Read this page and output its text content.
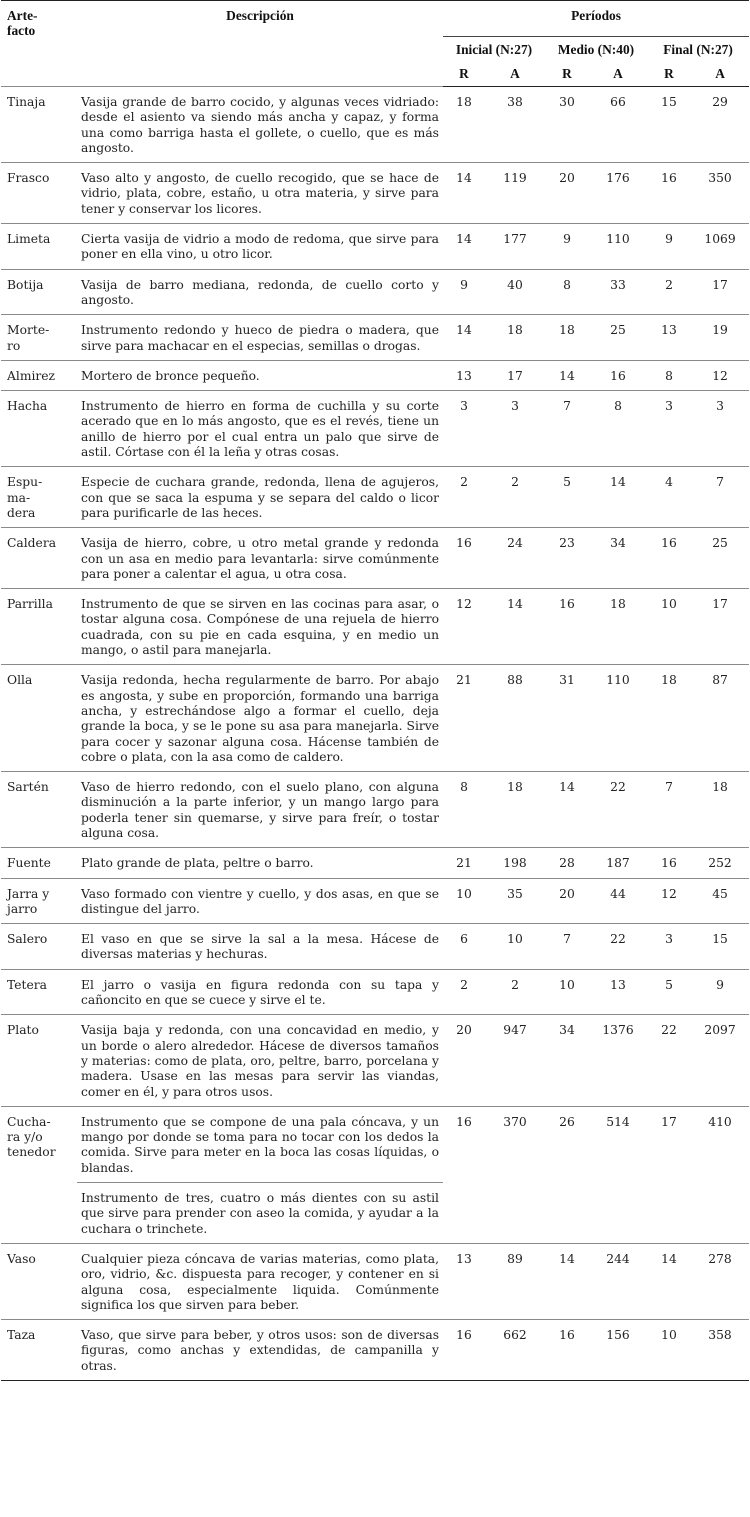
Arte-
facto	Descripción	Períodos					
		Inicial (N:27)		Medio (N:40)		Final (N:27)	
		R	A	R	A	R	A
Tinaja	Vasija grande de barro cocido, y algunas veces vidriado: desde el asiento va siendo más ancha y capaz, y forma una como barriga hasta el gollete, o cuello, que es más angosto.	18	38	30	66	15	29
Frasco	Vaso alto y angosto, de cuello recogido, que se hace de vidrio, plata, cobre, estaño, u otra materia, y sirve para tener y conservar los licores.	14	119	20	176	16	350
Limeta	Cierta vasija de vidrio a modo de redoma, que sirve para poner en ella vino, u otro licor.	14	177	9	110	9	1069
Botija	Vasija de barro mediana, redonda, de cuello corto y angosto.	9	40	8	33	2	17
Morte-
ro	Instrumento redondo y hueco de piedra o madera, que sirve para machacar en el especias, semillas o drogas.	14	18	18	25	13	19
Almirez	Mortero de bronce pequeño.	13	17	14	16	8	12
Hacha	Instrumento de hierro en forma de cuchilla y su corte acerado que en lo más angosto, que es el revés, tiene un anillo de hierro por el cual entra un palo que sirve de astil. Córtase con él la leña y otras cosas.	3	3	7	8	3	3
Espu-
ma-
dera	Especie de cuchara grande, redonda, llena de agujeros, con que se saca la espuma y se separa del caldo o licor para purificarle de las heces.	2	2	5	14	4	7
Caldera	Vasija de hierro, cobre, u otro metal grande y redonda con un asa en medio para levantarla: sirve comúnmente para poner a calentar el agua, u otra cosa.	16	24	23	34	16	25
Parrilla	Instrumento de que se sirven en las cocinas para asar, o tostar alguna cosa. Compónese de una rejuela de hierro cuadrada, con su pie en cada esquina, y en medio un mango, o astil para manejarla.	12	14	16	18	10	17
Olla	Vasija redonda, hecha regularmente de barro. Por abajo es angosta, y sube en proporción, formando una barriga ancha, y estrechándose algo a formar el cuello, deja grande la boca, y se le pone su asa para manejarla. Sirve para cocer y sazonar alguna cosa. Hácense también de cobre o plata, con la asa como de caldero.	21	88	31	110	18	87
Sartén	Vaso de hierro redondo, con el suelo plano, con alguna disminución a la parte inferior, y un mango largo para poderla tener sin quemarse, y sirve para freír, o tostar alguna cosa.	8	18	14	22	7	18
Fuente	Plato grande de plata, peltre o barro.	21	198	28	187	16	252
Jarra y
jarro	Vaso formado con vientre y cuello, y dos asas, en que se distingue del jarro.	10	35	20	44	12	45
Salero	El vaso en que se sirve la sal a la mesa. Hácese de diversas materias y hechuras.	6	10	7	22	3	15
Tetera	El jarro o vasija en figura redonda con su tapa y cañoncito en que se cuece y sirve el te.	2	2	10	13	5	9
Plato	Vasija baja y redonda, con una concavidad en medio, y un borde o alero alrededor. Hácese de diversos tamaños y materias: como de plata, oro, peltre, barro, porcelana y madera. Usase en las mesas para servir las viandas, comer en él, y para otros usos.	20	947	34	1376	22	2097
Cucha-
ra y/o
tenedor	Instrumento que se compone de una pala cóncava, y un mango por donde se toma para no tocar con los dedos la comida. Sirve para meter en la boca las cosas líquidas, o blandas.	16	370	26	514	17	410
	Instrumento de tres, cuatro o más dientes con su astil que sirve para prender con aseo la comida, y ayudar a la cuchara o trinchete.						
Vaso	Cualquier pieza cóncava de varias materias, como plata, oro, vidrio, &c. dispuesta para recoger, y contener en si alguna cosa, especialmente liquida. Comúnmente significa los que sirven para beber.	13	89	14	244	14	278
Taza	Vaso, que sirve para beber, y otros usos: son de diversas figuras, como anchas y extendidas, de campanilla y otras.	16	662	16	156	10	358
